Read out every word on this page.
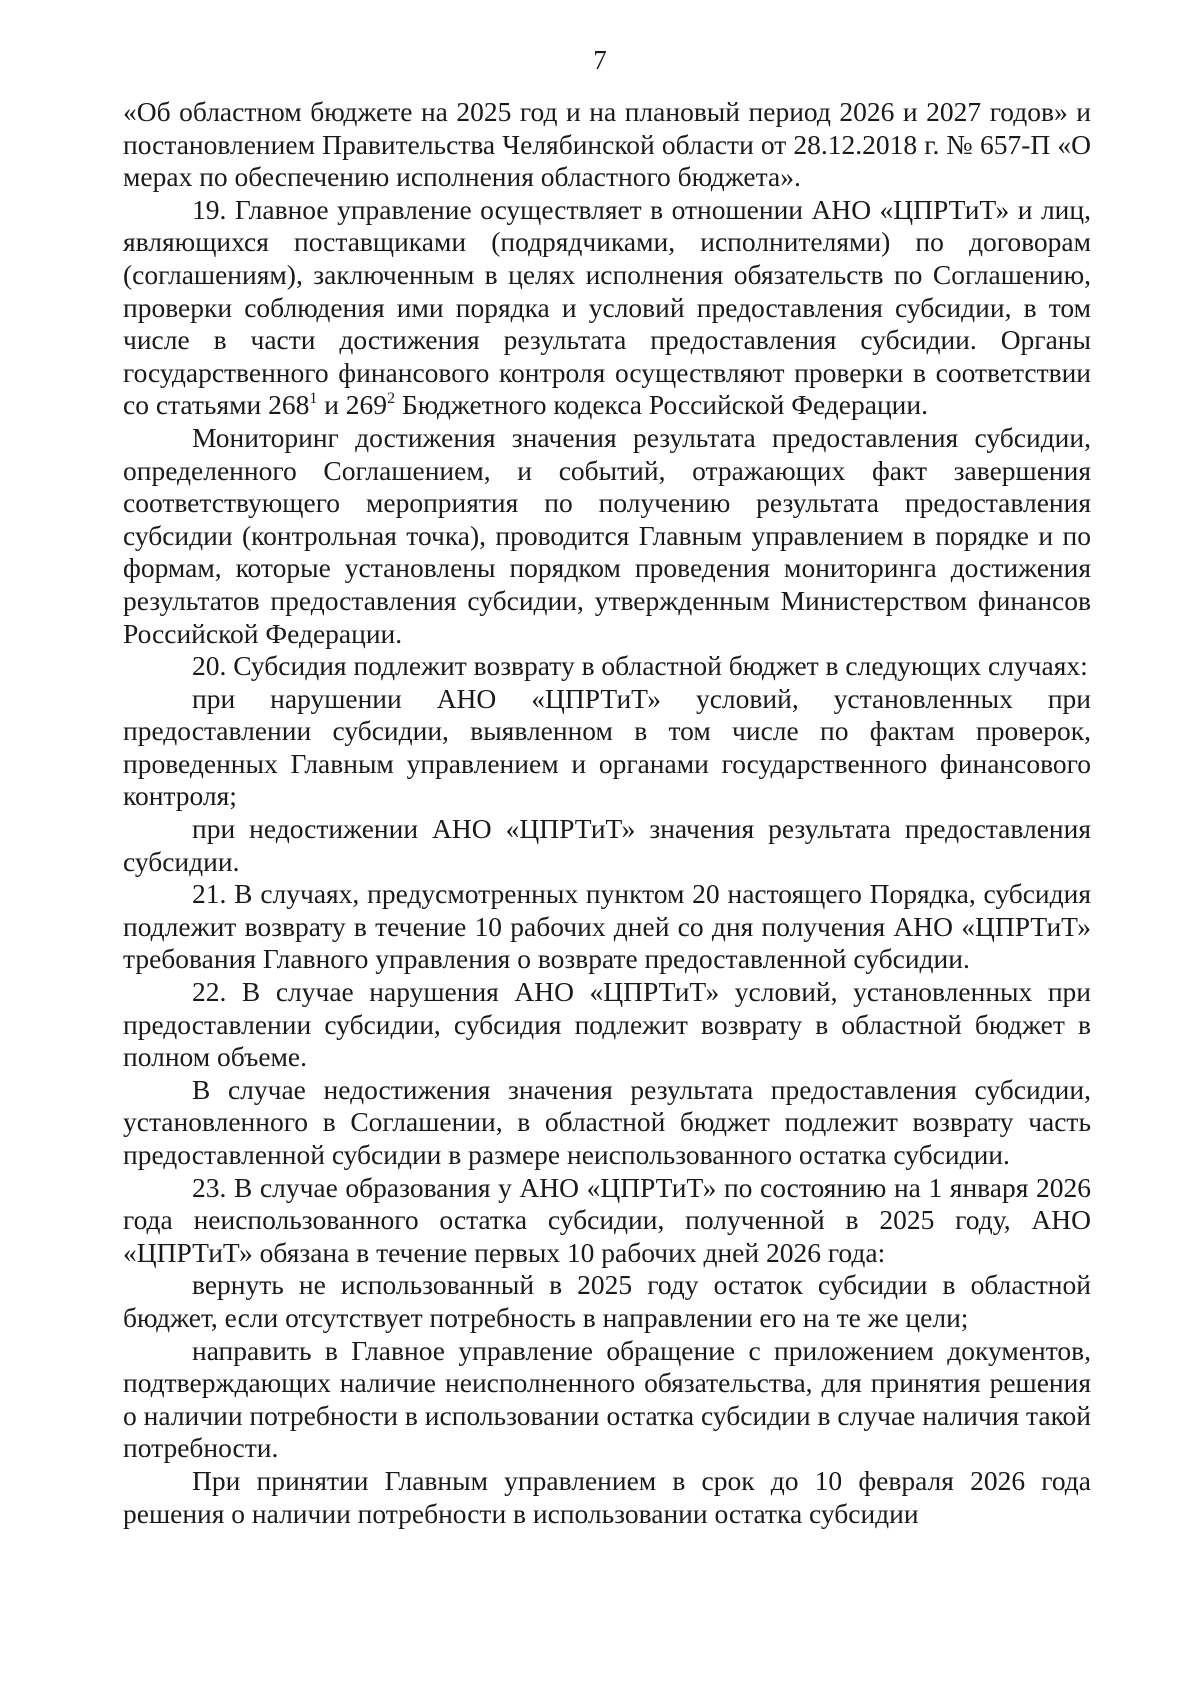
7

«Об областном бюджете на 2025 год и на плановый период 2026 и 2027 годов» и постановлением Правительства Челябинской области от 28.12.2018 г. № 657-П «О мерах по обеспечению исполнения областного бюджета».

19. Главное управление осуществляет в отношении АНО «ЦПРТиТ» и лиц, являющихся поставщиками (подрядчиками, исполнителями) по договорам (соглашениям), заключенным в целях исполнения обязательств по Соглашению, проверки соблюдения ими порядка и условий предоставления субсидии, в том числе в части достижения результата предоставления субсидии. Органы государственного финансового контроля осуществляют проверки в соответствии со статьями $268^1$ и $269^2$ Бюджетного кодекса Российской Федерации.

Мониторинг достижения значения результата предоставления субсидии, определенного Соглашением, и событий, отражающих факт завершения соответствующего мероприятия по получению результата предоставления субсидии (контрольная точка), проводится Главным управлением в порядке и по формам, которые установлены порядком проведения мониторинга достижения результатов предоставления субсидии, утвержденным Министерством финансов Российской Федерации.

20. Субсидия подлежит возврату в областной бюджет в следующих случаях:

при нарушении АНО «ЦПРТиТ» условий, установленных при предоставлении субсидии, выявленном в том числе по фактам проверок, проведенных Главным управлением и органами государственного финансового контроля;

при недостижении АНО «ЦПРТиТ» значения результата предоставления субсидии.

21. В случаях, предусмотренных пунктом 20 настоящего Порядка, субсидия подлежит возврату в течение 10 рабочих дней со дня получения АНО «ЦПРТиТ» требования Главного управления о возврате предоставленной субсидии.

22. В случае нарушения АНО «ЦПРТиТ» условий, установленных при предоставлении субсидии, субсидия подлежит возврату в областной бюджет в полном объеме.

В случае недостижения значения результата предоставления субсидии, установленного в Соглашении, в областной бюджет подлежит возврату часть предоставленной субсидии в размере неиспользованного остатка субсидии.

23. В случае образования у АНО «ЦПРТиТ» по состоянию на 1 января 2026 года неиспользованного остатка субсидии, полученной в 2025 году, АНО «ЦПРТиТ» обязана в течение первых 10 рабочих дней 2026 года:

вернуть не использованный в 2025 году остаток субсидии в областной бюджет, если отсутствует потребность в направлении его на те же цели;

направить в Главное управление обращение с приложением документов, подтверждающих наличие неисполненного обязательства, для принятия решения о наличии потребности в использовании остатка субсидии в случае наличия такой потребности.

При принятии Главным управлением в срок до 10 февраля 2026 года решения о наличии потребности в использовании остатка субсидии
